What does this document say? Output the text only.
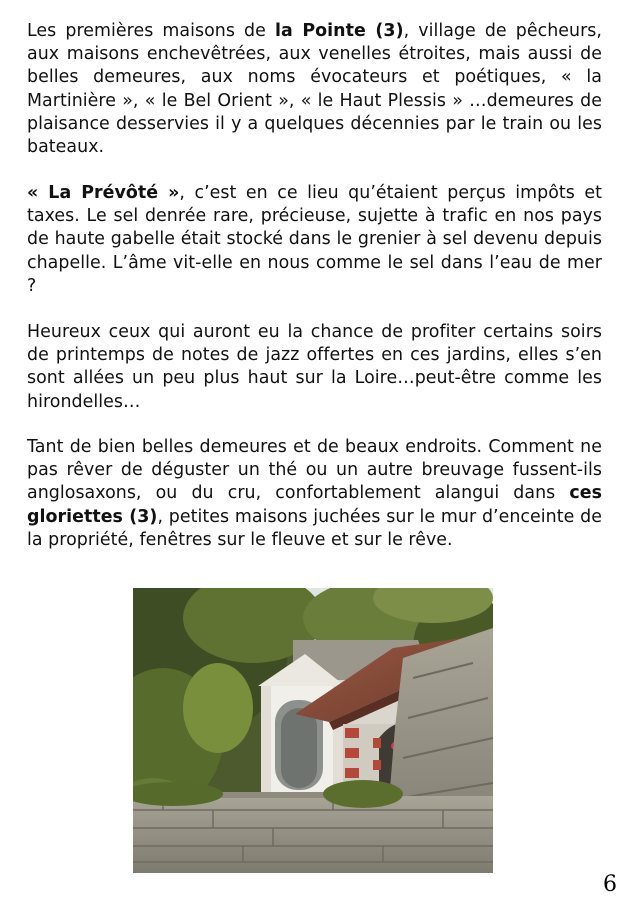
Les premières maisons de la Pointe (3), village de pêcheurs, aux maisons enchevêtrées, aux venelles étroites, mais aussi de belles demeures, aux noms évocateurs et poétiques, « la Martinière », « le Bel Orient », « le Haut Plessis » …demeures de plaisance desservies il y a quelques décennies par le train ou les bateaux.

« La Prévôté », c’est en ce lieu qu’étaient perçus impôts et taxes. Le sel denrée rare, précieuse, sujette à trafic en nos pays de haute gabelle était stocké dans le grenier à sel devenu depuis chapelle. L’âme vit-elle en nous comme le sel dans l’eau de mer ?

Heureux ceux qui auront eu la chance de profiter certains soirs de printemps de notes de jazz offertes en ces jardins, elles s’en sont allées un peu plus haut sur la Loire…peut-être comme les hirondelles…

Tant de bien belles demeures et de beaux endroits. Comment ne pas rêver de déguster un thé ou un autre breuvage fussent-ils anglosaxons, ou du cru, confortablement alangui dans ces gloriettes (3), petites maisons juchées sur le mur d’enceinte de la propriété, fenêtres sur le fleuve et sur le rêve.

6
